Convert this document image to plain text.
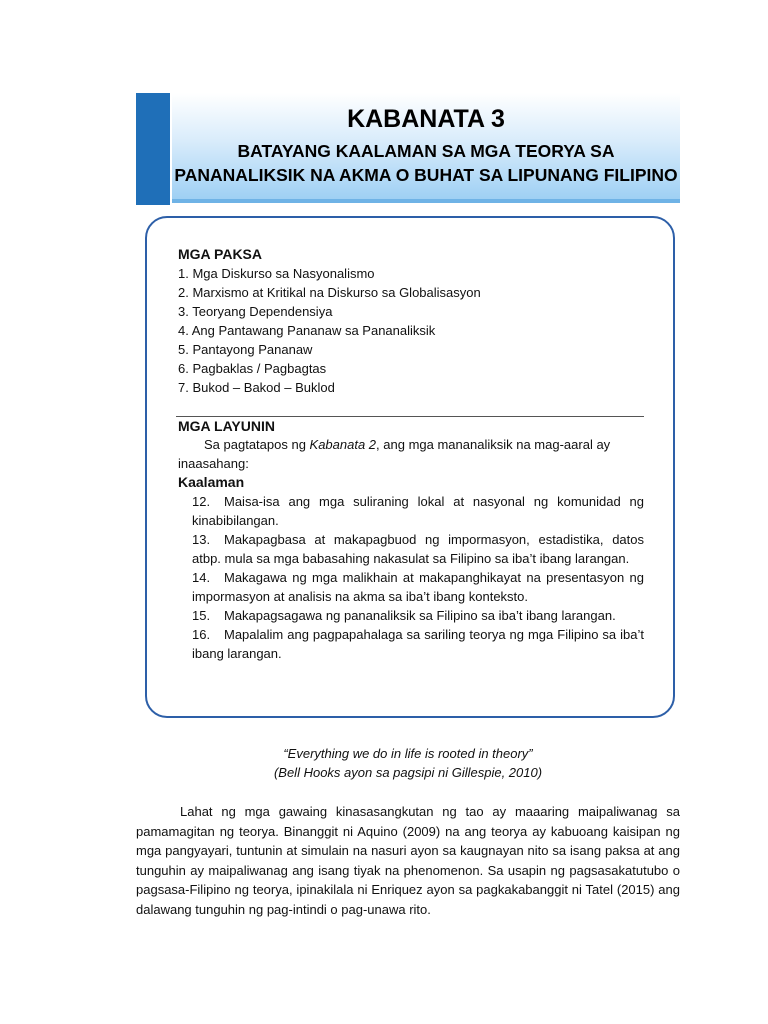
KABANATA 3
BATAYANG KAALAMAN SA MGA TEORYA SA
PANANALIKSIK NA AKMA O BUHAT SA LIPUNANG FILIPINO
MGA PAKSA
1. Mga Diskurso sa Nasyonalismo
2. Marxismo at Kritikal na Diskurso sa Globalisasyon
3. Teoryang Dependensiya
4. Ang Pantawang Pananaw sa Pananaliksik
5. Pantayong Pananaw
6. Pagbaklas / Pagbagtas
7. Bukod – Bakod – Buklod
MGA LAYUNIN
Sa pagtatapos ng Kabanata 2, ang mga mananaliksik na mag-aaral ay inaasahang:
Kaalaman
12. Maisa-isa ang mga suliraning lokal at nasyonal ng komunidad ng kinabibilangan.
13. Makapagbasa at makapagbuod ng impormasyon, estadistika, datos atbp. mula sa mga babasahing nakasulat sa Filipino sa iba’t ibang larangan.
14. Makagawa ng mga malikhain at makapanghikayat na presentasyon ng impormasyon at analisis na akma sa iba’t ibang konteksto.
15. Makapagsagawa ng pananaliksik sa Filipino sa iba’t ibang larangan.
16. Mapalalim ang pagpapahalaga sa sariling teorya ng mga Filipino sa iba’t ibang larangan.
“Everything we do in life is rooted in theory”
(Bell Hooks ayon sa pagsipi ni Gillespie, 2010)
Lahat ng mga gawaing kinasasangkutan ng tao ay maaaring maipaliwanag sa pamamagitan ng teorya. Binanggit ni Aquino (2009) na ang teorya ay kabuoang kaisipan ng mga pangyayari, tuntunin at simulain na nasuri ayon sa kaugnayan nito sa isang paksa at ang tunguhin ay maipaliwanag ang isang tiyak na phenomenon. Sa usapin ng pagsasakatutubo o pagsasa-Filipino ng teorya, ipinakilala ni Enriquez ayon sa pagkakabanggit ni Tatel (2015) ang dalawang tunguhin ng pag-intindi o pag-unawa rito.
